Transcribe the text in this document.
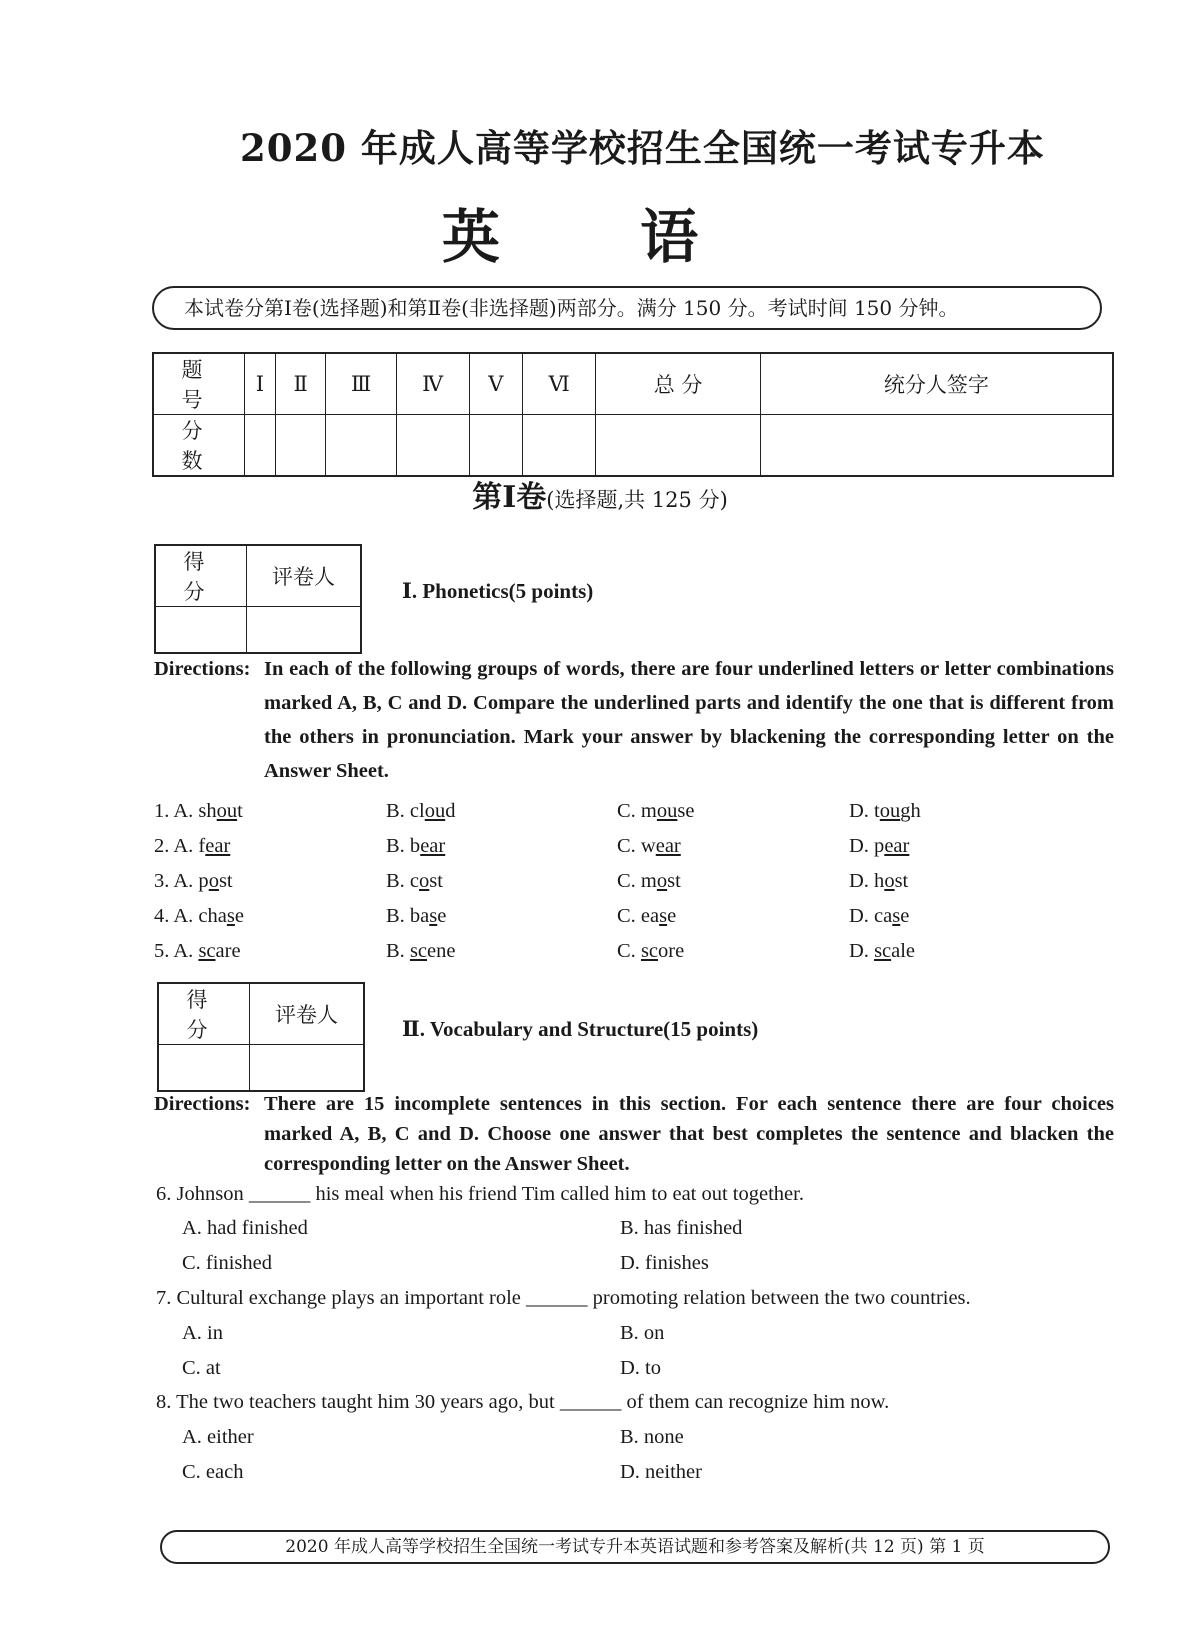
2020 年成人高等学校招生全国统一考试专升本
英 语
本试卷分第Ⅰ卷(选择题)和第Ⅱ卷(非选择题)两部分。满分 150 分。考试时间 150 分钟。
题 号	Ⅰ	Ⅱ	Ⅲ	Ⅳ	Ⅴ	Ⅵ	总 分	统分人签字
分 数								
第Ⅰ卷(选择题,共 125 分)
得 分	评卷人

Ⅰ. Phonetics(5 points)
Directions: In each of the following groups of words, there are four underlined letters or letter combinations marked A, B, C and D. Compare the underlined parts and identify the one that is different from the others in pronunciation. Mark your answer by blackening the corresponding letter on the Answer Sheet.
1. A. shout	B. cloud	C. mouse	D. tough
2. A. fear	B. bear	C. wear	D. pear
3. A. post	B. cost	C. most	D. host
4. A. chase	B. base	C. ease	D. case
5. A. scare	B. scene	C. score	D. scale
得 分	评卷人

Ⅱ. Vocabulary and Structure(15 points)
Directions: There are 15 incomplete sentences in this section. For each sentence there are four choices marked A, B, C and D. Choose one answer that best completes the sentence and blacken the corresponding letter on the Answer Sheet.
6. Johnson ______ his meal when his friend Tim called him to eat out together.
A. had finished	B. has finished
C. finished	D. finishes
7. Cultural exchange plays an important role ______ promoting relation between the two countries.
A. in	B. on
C. at	D. to
8. The two teachers taught him 30 years ago, but ______ of them can recognize him now.
A. either	B. none
C. each	D. neither
2020 年成人高等学校招生全国统一考试专升本英语试题和参考答案及解析(共 12 页) 第 1 页
